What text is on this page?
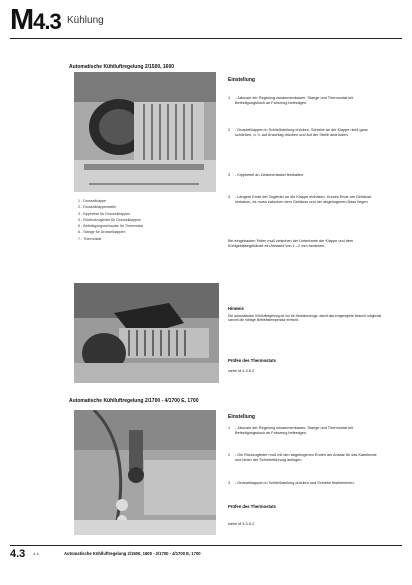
M4.3 Kühlung
Automatische Kühlluftregelung 2/1500, 1600
1 - Drosselklappe
2 - Drosselklappenwelle
3 - Kipphebel für Drosselklappen
4 - Rückholzugfeder für Drosselklappen
5 - Befestigungsschraube für Thermostat
6 - Stange für Drosselklappen
7 - Thermostat
Einstellung
1 - Jalousie der Regelung zusammenbauen. Stange und Thermostat mit Befestigungsbock an Fahrzeug befestigen.
2 - Drosselklappen in Schließstellung drücken. Schiebe an der Klappe nicht ganz schließen, d. h. auf Anschlag drücken und auf der Stelle andrücken.
3 - Kipphebel an Zwischenkabel festhalten.
4 - Längere Ende der Zugfeder an die Klappe einhaken. Kurzes Ende am Gehäuse einhaken, es muss zwischen dem Gehäuse und der abgebogenen Nase liegen.
Bei eingebauten Teilen muß zwischen der Unterkante der Klappe und dem Kühlgebläsegehäuse ein Abstand von 1 - 2 mm bestehen.
Hinweis
Die automatische Kühlluftregelung ist nur für Heizfahrzeuge, damit das eingeregelte Motoröl möglichst schnell die richtige Betriebstemperatur erreicht.
Prüfen des Thermostats
siehe M 4.3-5.2
Automatische Kühlluftregelung 2/1700 - 4/1700 E, 1700
Einstellung
1 - Jalousie der Regelung zusammenbauen. Stange und Thermostat mit Befestigungsbock an Fahrzeug befestigen.
2 - Die Rückzugfeder muß mit den abgebogenen Enden am Ansatz für das Kabelende und hinter der Schiebeführung anliegen.
3 - Drosselklappen in Schließstellung drücken und Schiebe festklemmen.
Prüfen des Thermostats
siehe M 4.3-5.2
4.3 4-4	Automatische Kühlluftregelung 2/1500, 1600 - 2/1700 - 4/1700 E, 1700
